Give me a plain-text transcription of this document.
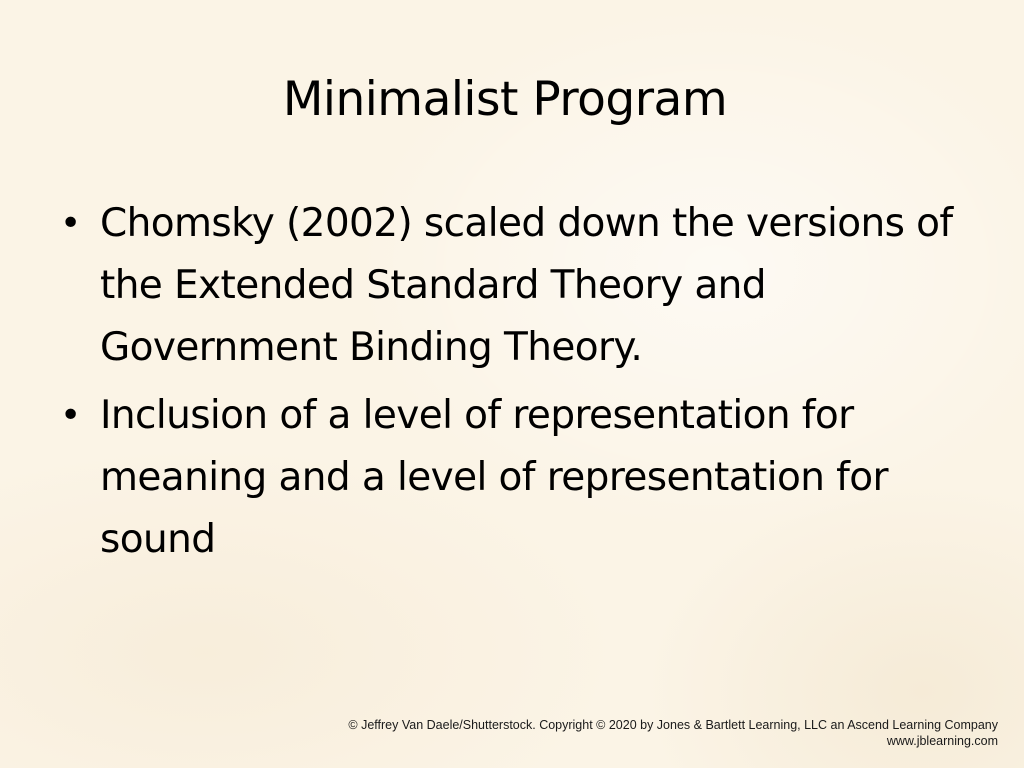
Minimalist Program
• Chomsky (2002) scaled down the versions of the Extended Standard Theory and Government Binding Theory.
• Inclusion of a level of representation for meaning and a level of representation for sound
© Jeffrey Van Daele/Shutterstock. Copyright © 2020 by Jones & Bartlett Learning, LLC an Ascend Learning Company
www.jblearning.com
